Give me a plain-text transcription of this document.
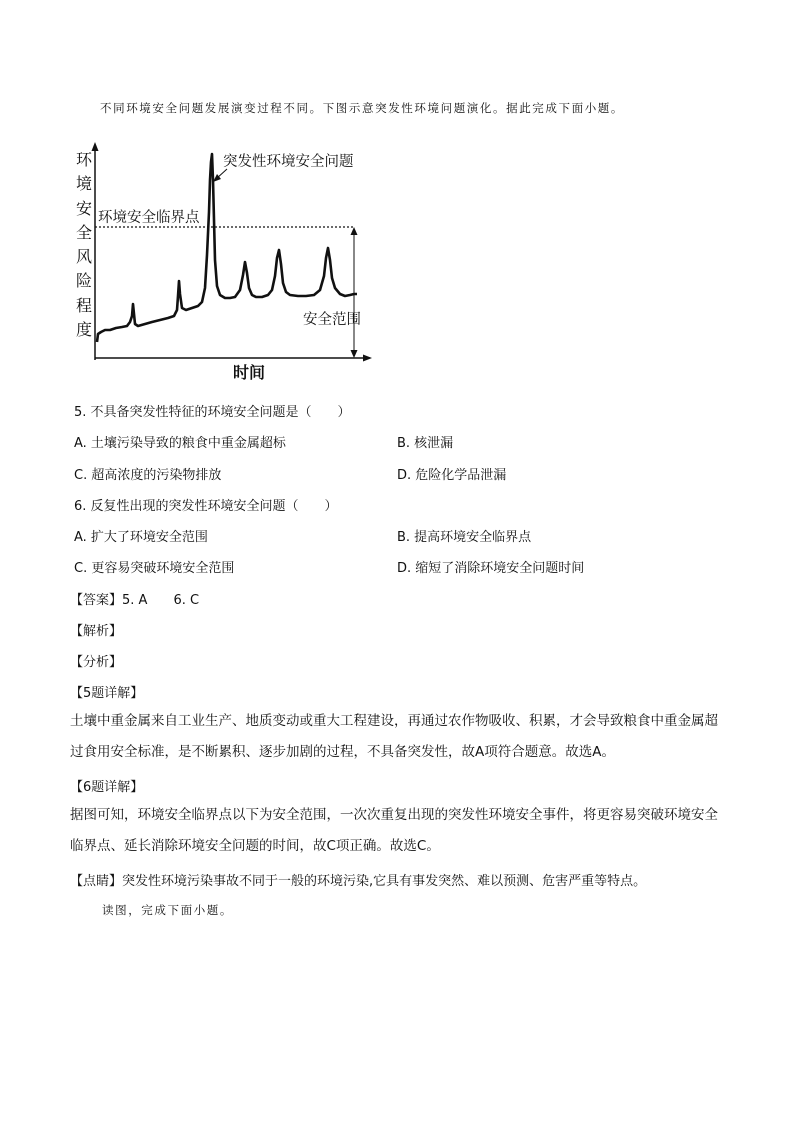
不同环境安全问题发展演变过程不同。下图示意突发性环境问题演化。据此完成下面小题。
环
境
安
全
风
险
程
度
突发性环境安全问题
环境安全临界点
安全范围
时间
5. 不具备突发性特征的环境安全问题是（　　）
A. 土壤污染导致的粮食中重金属超标	B. 核泄漏
C. 超高浓度的污染物排放	D. 危险化学品泄漏
6. 反复性出现的突发性环境安全问题（　　）
A. 扩大了环境安全范围	B. 提高环境安全临界点
C. 更容易突破环境安全范围	D. 缩短了消除环境安全问题时间
【答案】5. A　　6. C
【解析】
【分析】
【5题详解】
土壤中重金属来自工业生产、地质变动或重大工程建设，再通过农作物吸收、积累，才会导致粮食中重金属超过食用安全标准，是不断累积、逐步加剧的过程，不具备突发性，故A项符合题意。故选A。
【6题详解】
据图可知，环境安全临界点以下为安全范围，一次次重复出现的突发性环境安全事件，将更容易突破环境安全临界点、延长消除环境安全问题的时间，故C项正确。故选C。
【点睛】突发性环境污染事故不同于一般的环境污染,它具有事发突然、难以预测、危害严重等特点。
读图，完成下面小题。
